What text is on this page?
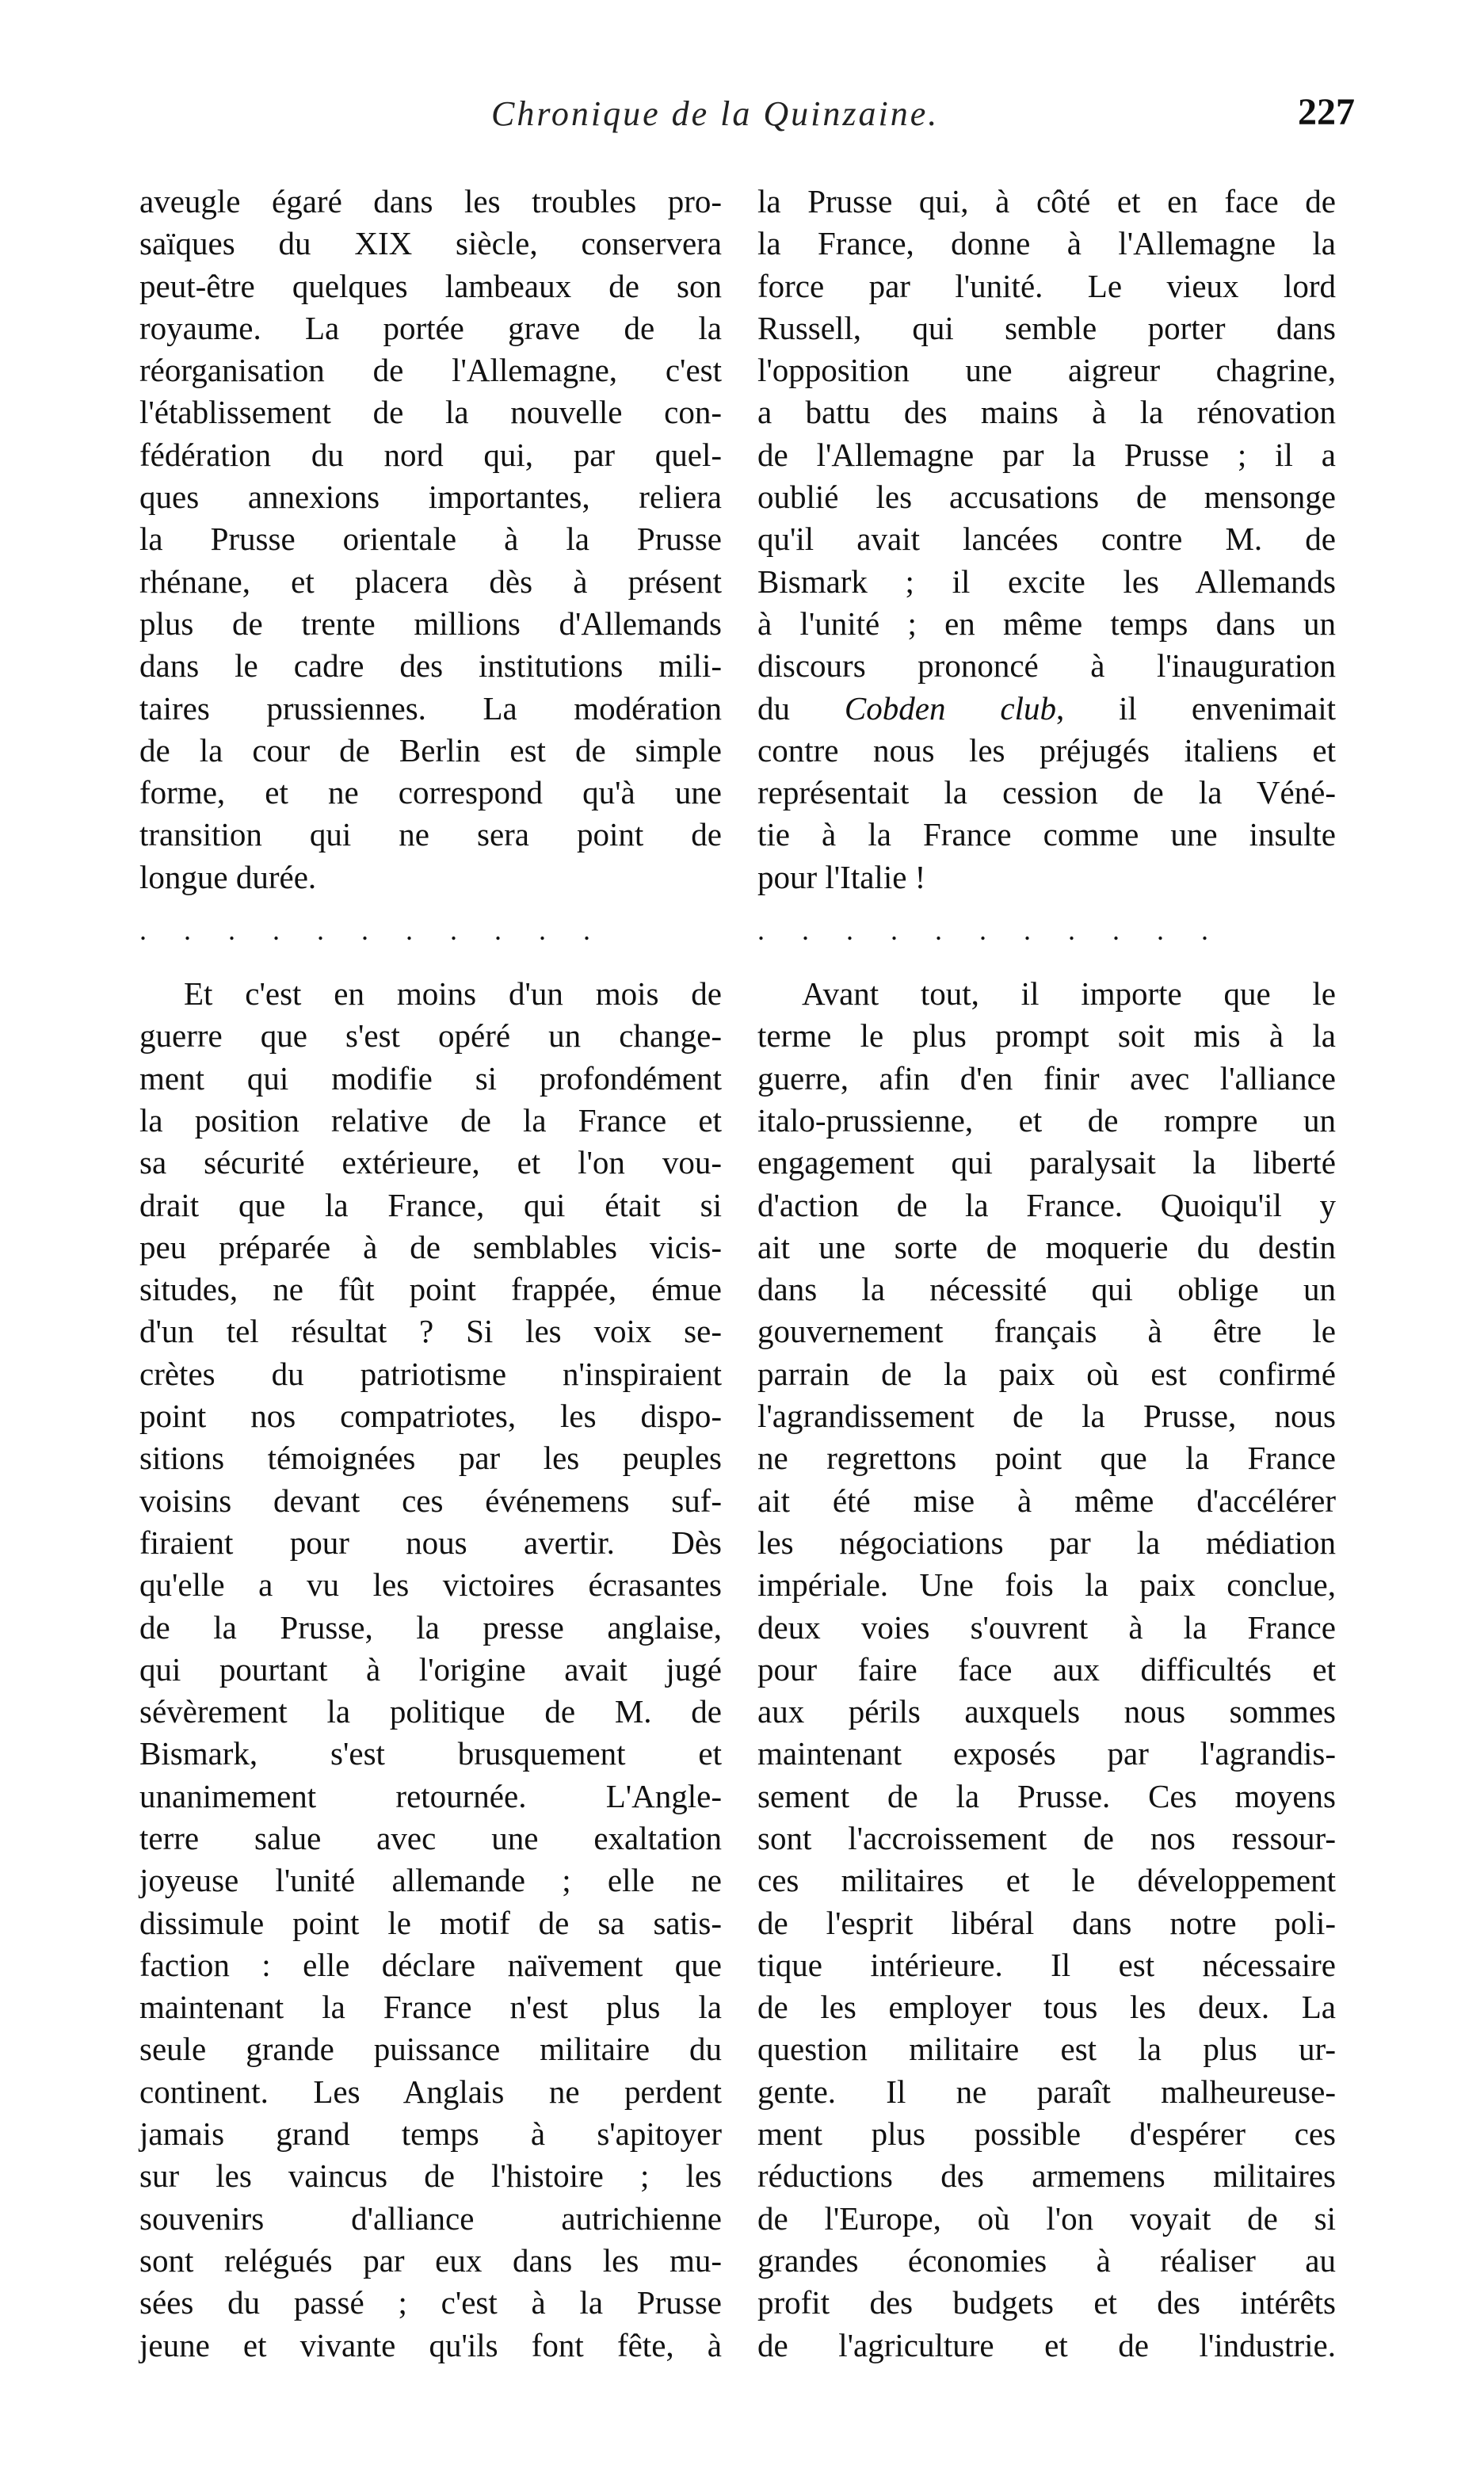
Chronique de la Quinzaine.	227
aveugle égaré dans les troubles pro-
saïques du XIX siècle, conservera
peut-être quelques lambeaux de son
royaume. La portée grave de la
réorganisation de l'Allemagne, c'est
l'établissement de la nouvelle con-
fédération du nord qui, par quel-
ques annexions importantes, reliera
la Prusse orientale à la Prusse
rhénane, et placera dès à présent
plus de trente millions d'Allemands
dans le cadre des institutions mili-
taires prussiennes. La modération
de la cour de Berlin est de simple
forme, et ne correspond qu'à une
transition qui ne sera point de
longue durée.
...........
Et c'est en moins d'un mois de
guerre que s'est opéré un change-
ment qui modifie si profondément
la position relative de la France et
sa sécurité extérieure, et l'on vou-
drait que la France, qui était si
peu préparée à de semblables vicis-
situdes, ne fût point frappée, émue
d'un tel résultat ? Si les voix se-
crètes du patriotisme n'inspiraient
point nos compatriotes, les dispo-
sitions témoignées par les peuples
voisins devant ces événemens suf-
firaient pour nous avertir. Dès
qu'elle a vu les victoires écrasantes
de la Prusse, la presse anglaise,
qui pourtant à l'origine avait jugé
sévèrement la politique de M. de
Bismark, s'est brusquement et
unanimement retournée. L'Angle-
terre salue avec une exaltation
joyeuse l'unité allemande ; elle ne
dissimule point le motif de sa satis-
faction : elle déclare naïvement que
maintenant la France n'est plus la
seule grande puissance militaire du
continent. Les Anglais ne perdent
jamais grand temps à s'apitoyer
sur les vaincus de l'histoire ; les
souvenirs d'alliance autrichienne
sont relégués par eux dans les mu-
sées du passé ; c'est à la Prusse
jeune et vivante qu'ils font fête, à
la Prusse qui, à côté et en face de
la France, donne à l'Allemagne la
force par l'unité. Le vieux lord
Russell, qui semble porter dans
l'opposition une aigreur chagrine,
a battu des mains à la rénovation
de l'Allemagne par la Prusse ; il a
oublié les accusations de mensonge
qu'il avait lancées contre M. de
Bismark ; il excite les Allemands
à l'unité ; en même temps dans un
discours prononcé à l'inauguration
du Cobden club, il envenimait
contre nous les préjugés italiens et
représentait la cession de la Véné-
tie à la France comme une insulte
pour l'Italie !
...........
Avant tout, il importe que le
terme le plus prompt soit mis à la
guerre, afin d'en finir avec l'alliance
italo-prussienne, et de rompre un
engagement qui paralysait la liberté
d'action de la France. Quoiqu'il y
ait une sorte de moquerie du destin
dans la nécessité qui oblige un
gouvernement français à être le
parrain de la paix où est confirmé
l'agrandissement de la Prusse, nous
ne regrettons point que la France
ait été mise à même d'accélérer
les négociations par la médiation
impériale. Une fois la paix conclue,
deux voies s'ouvrent à la France
pour faire face aux difficultés et
aux périls auxquels nous sommes
maintenant exposés par l'agrandis-
sement de la Prusse. Ces moyens
sont l'accroissement de nos ressour-
ces militaires et le développement
de l'esprit libéral dans notre poli-
tique intérieure. Il est nécessaire
de les employer tous les deux. La
question militaire est la plus ur-
gente. Il ne paraît malheureuse-
ment plus possible d'espérer ces
réductions des armemens militaires
de l'Europe, où l'on voyait de si
grandes économies à réaliser au
profit des budgets et des intérêts
de l'agriculture et de l'industrie.
